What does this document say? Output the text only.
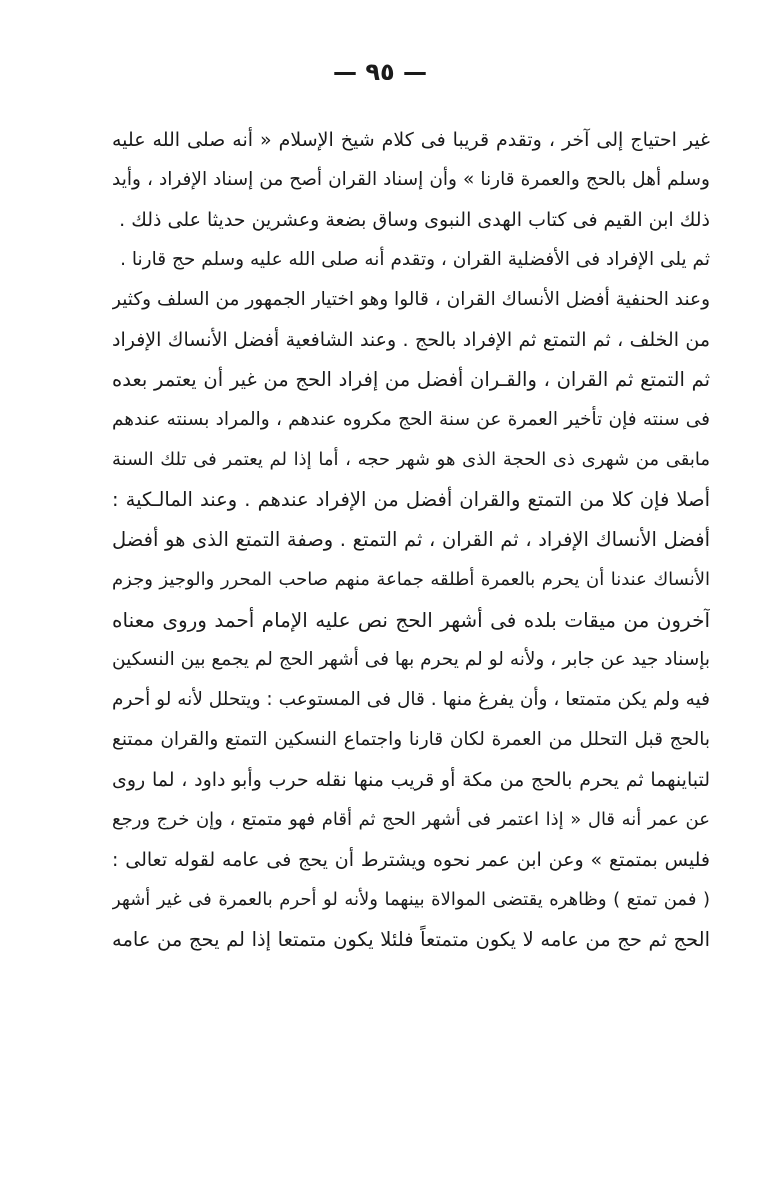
— ٩٥ —
غير احتياج إلى آخر ، وتقدم قريبا فى كلام شيخ الإسلام « أنه صلى الله عليه
وسلم أهل بالحج والعمرة قارنا » وأن إسناد القران أصح من إسناد الإفراد ، وأيد
ذلك ابن القيم فى كتاب الهدى النبوى وساق بضعة وعشرين حديثا على ذلك .
ثم يلى الإفراد فى الأفضلية القران ، وتقدم أنه صلى الله عليه وسلم حج قارنا .
وعند الحنفية أفضل الأنساك القران ، قالوا وهو اختيار الجمهور من السلف وكثير
من الخلف ، ثم التمتع ثم الإفراد بالحج . وعند الشافعية أفضل الأنساك الإفراد
ثم التمتع ثم القران ، والقـران أفضل من إفراد الحج من غير أن يعتمر بعده
فى سنته فإن تأخير العمرة عن سنة الحج مكروه عندهم ، والمراد بسنته عندهم
مابقى من شهرى ذى الحجة الذى هو شهر حجه ، أما إذا لم يعتمر فى تلك السنة
أصلا فإن كلا من التمتع والقران أفضل من الإفراد عندهم . وعند المالـكية :
أفضل الأنساك الإفراد ، ثم القران ، ثم التمتع . وصفة التمتع الذى هو أفضل
الأنساك عندنا أن يحرم بالعمرة أطلقه جماعة منهم صاحب المحرر والوجيز وجزم
آخرون من ميقات بلده فى أشهر الحج نص عليه الإمام أحمد وروى معناه
بإسناد جيد عن جابر ، ولأنه لو لم يحرم بها فى أشهر الحج لم يجمع بين النسكين
فيه ولم يكن متمتعا ، وأن يفرغ منها . قال فى المستوعب : ويتحلل لأنه لو أحرم
بالحج قبل التحلل من العمرة لكان قارنا واجتماع النسكين التمتع والقران ممتنع
لتباينهما ثم يحرم بالحج من مكة أو قريب منها نقله حرب وأبو داود ، لما روى
عن عمر أنه قال « إذا اعتمر فى أشهر الحج ثم أقام فهو متمتع ، وإن خرج ورجع
فليس بمتمتع » وعن ابن عمر نحوه ويشترط أن يحج فى عامه لقوله تعالى :
( فمن تمتع ) وظاهره يقتضى الموالاة بينهما ولأنه لو أحرم بالعمرة فى غير أشهر
الحج ثم حج من عامه لا يكون متمتعاً فلئلا يكون متمتعا إذا لم يحج من عامه
